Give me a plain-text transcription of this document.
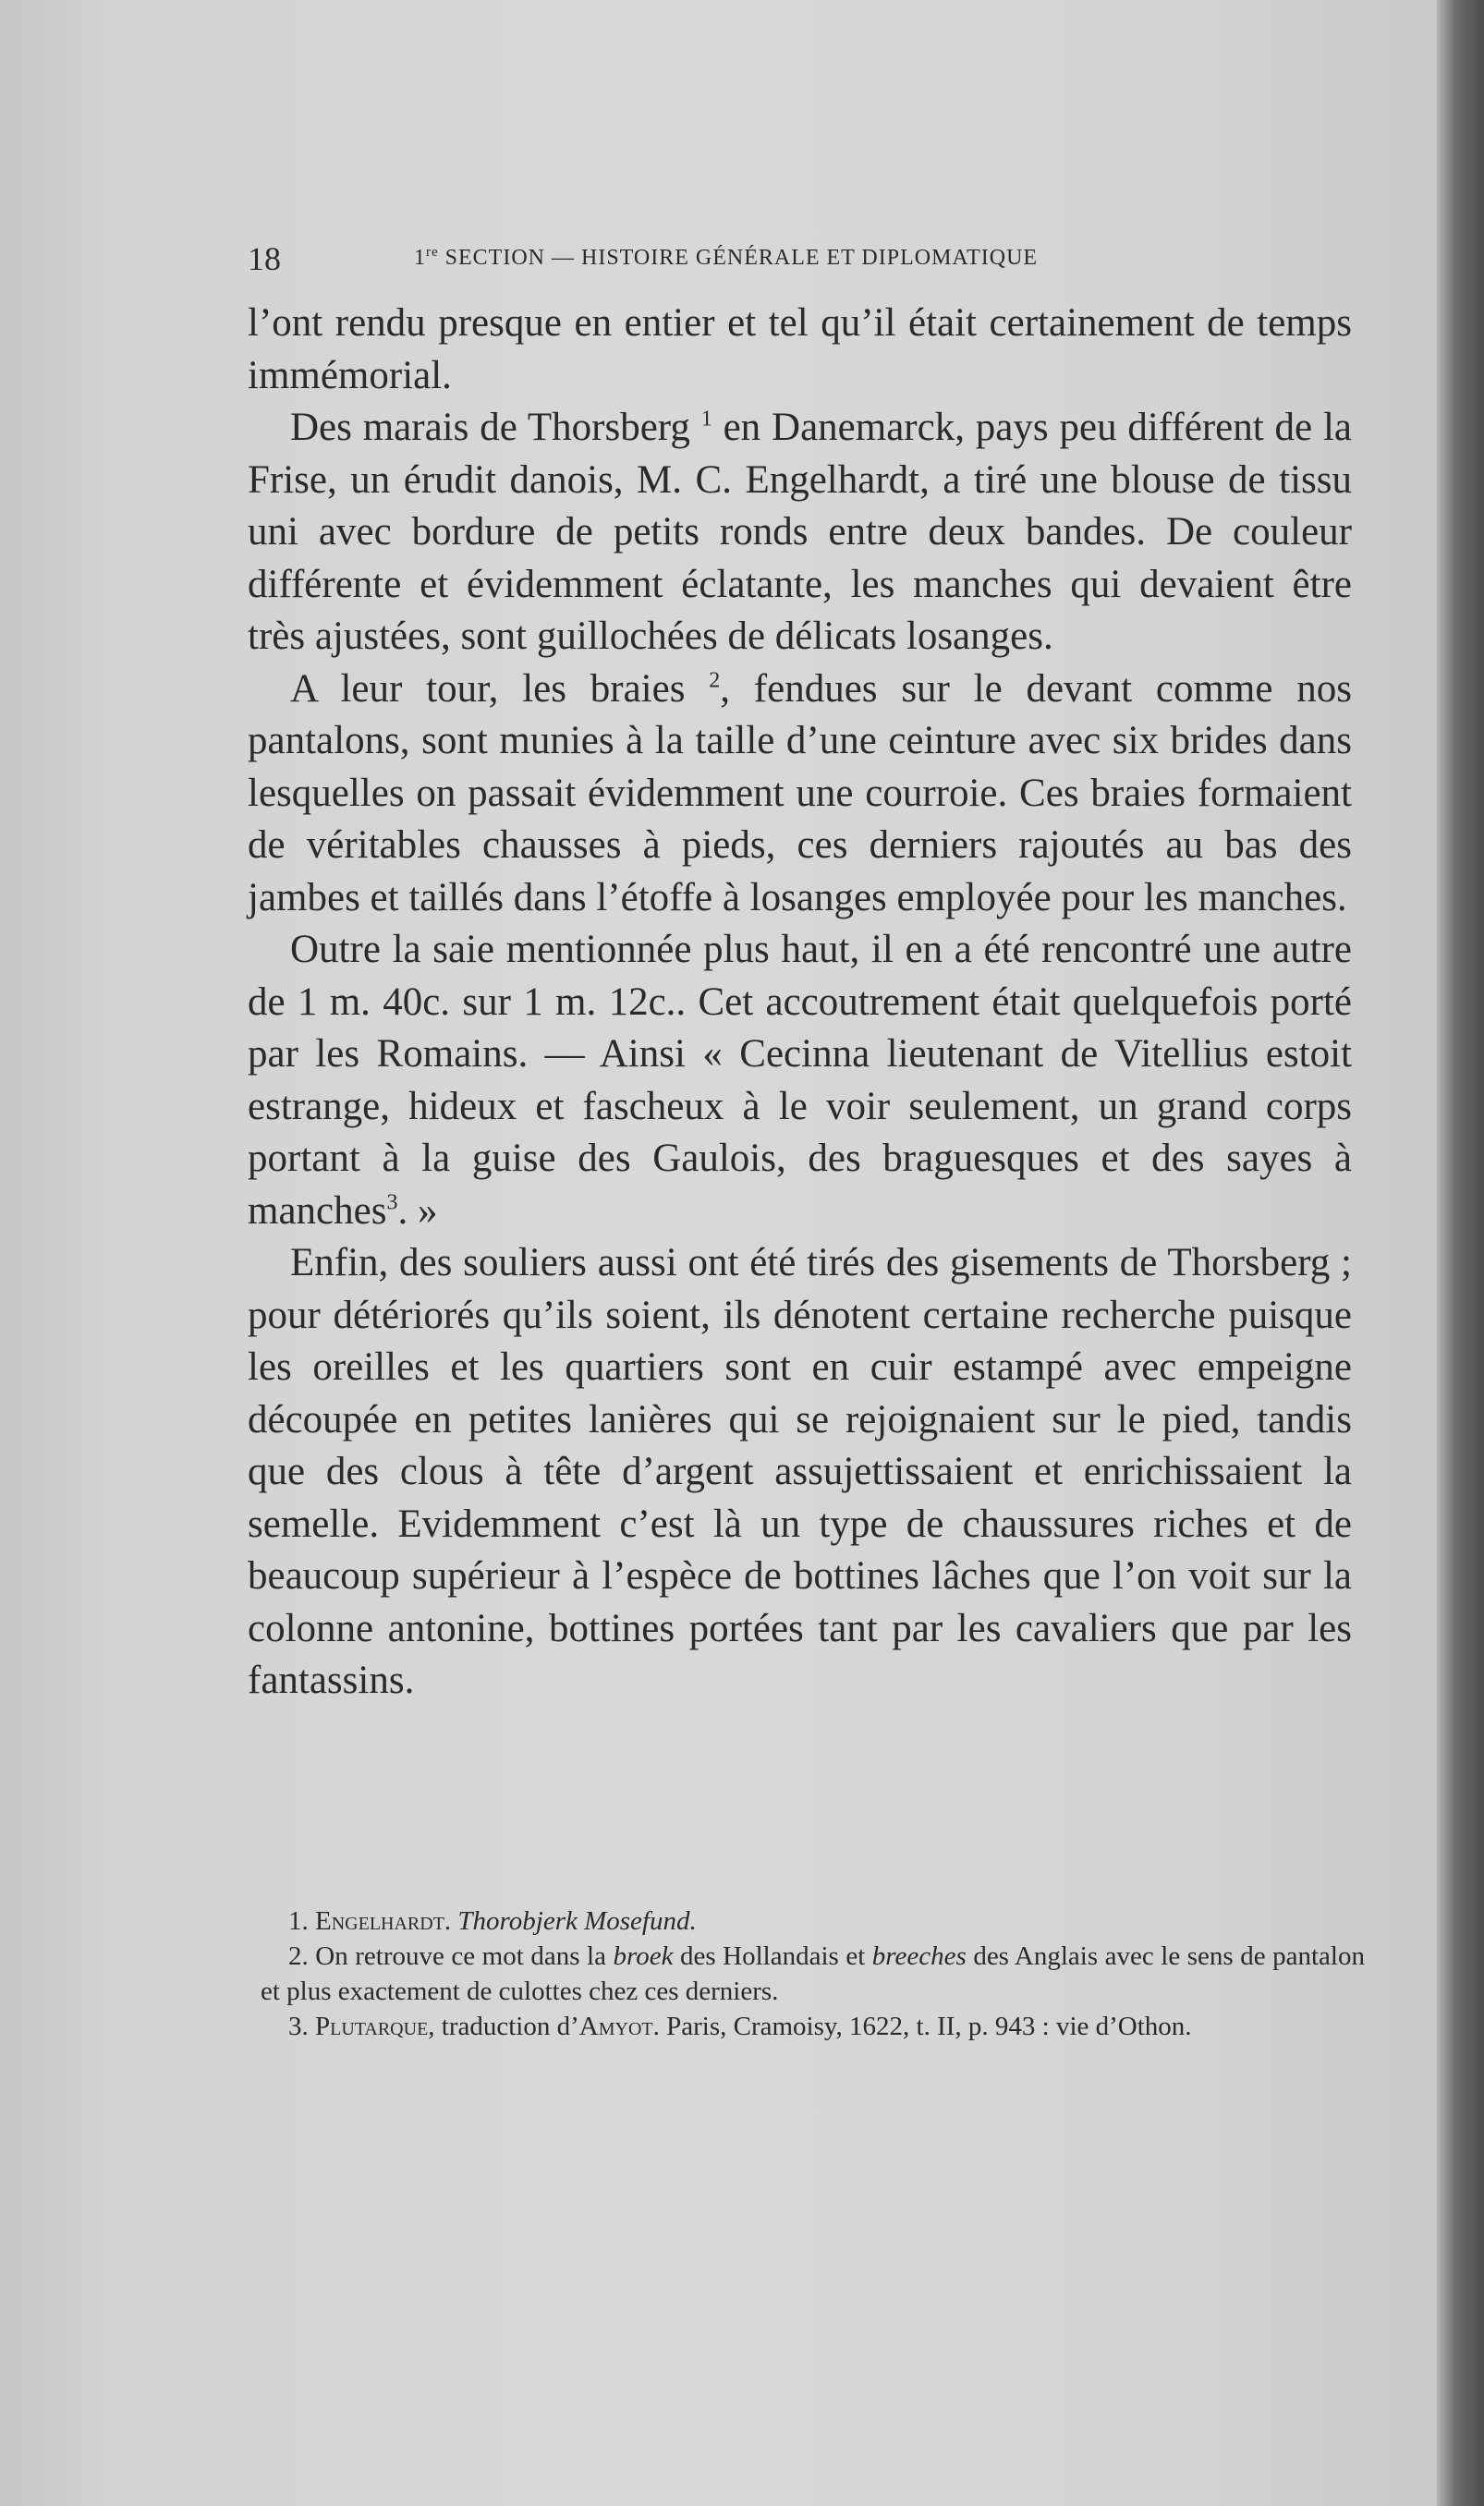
18	1re SECTION — HISTOIRE GÉNÉRALE ET DIPLOMATIQUE

l’ont rendu presque en entier et tel qu’il était certainement de temps immémorial.

Des marais de Thorsberg $^1$ en Danemarck, pays peu différent de la Frise, un érudit danois, M. C. Engelhardt, a tiré une blouse de tissu uni avec bordure de petits ronds entre deux bandes. De couleur différente et évidemment éclatante, les manches qui devaient être très ajustées, sont guillochées de délicats losanges.

A leur tour, les braies $^2$, fendues sur le devant comme nos pantalons, sont munies à la taille d’une ceinture avec six brides dans lesquelles on passait évidemment une courroie. Ces braies formaient de véritables chausses à pieds, ces derniers rajoutés au bas des jambes et taillés dans l’étoffe à losanges employée pour les manches.

Outre la saie mentionnée plus haut, il en a été rencontré une autre de 1 m. 40c. sur 1 m. 12c.. Cet accoutrement était quelquefois porté par les Romains. — Ainsi « Cecinna lieutenant de Vitellius estoit estrange, hideux et fascheux à le voir seulement, un grand corps portant à la guise des Gaulois, des braguesques et des sayes à manches$^3$. »

Enfin, des souliers aussi ont été tirés des gisements de Thorsberg ; pour détériorés qu’ils soient, ils dénotent certaine recherche puisque les oreilles et les quartiers sont en cuir estampé avec empeigne découpée en petites lanières qui se rejoignaient sur le pied, tandis que des clous à tête d’argent assujettissaient et enrichissaient la semelle. Evidemment c’est là un type de chaussures riches et de beaucoup supérieur à l’espèce de bottines lâches que l’on voit sur la colonne antonine, bottines portées tant par les cavaliers que par les fantassins.

1. Engelhardt. Thorobjerk Mosefund.

2. On retrouve ce mot dans la broek des Hollandais et breeches des Anglais avec le sens de pantalon et plus exactement de culottes chez ces derniers.

3. Plutarque, traduction d’Amyot. Paris, Cramoisy, 1622, t. II, p. 943 : vie d’Othon.
